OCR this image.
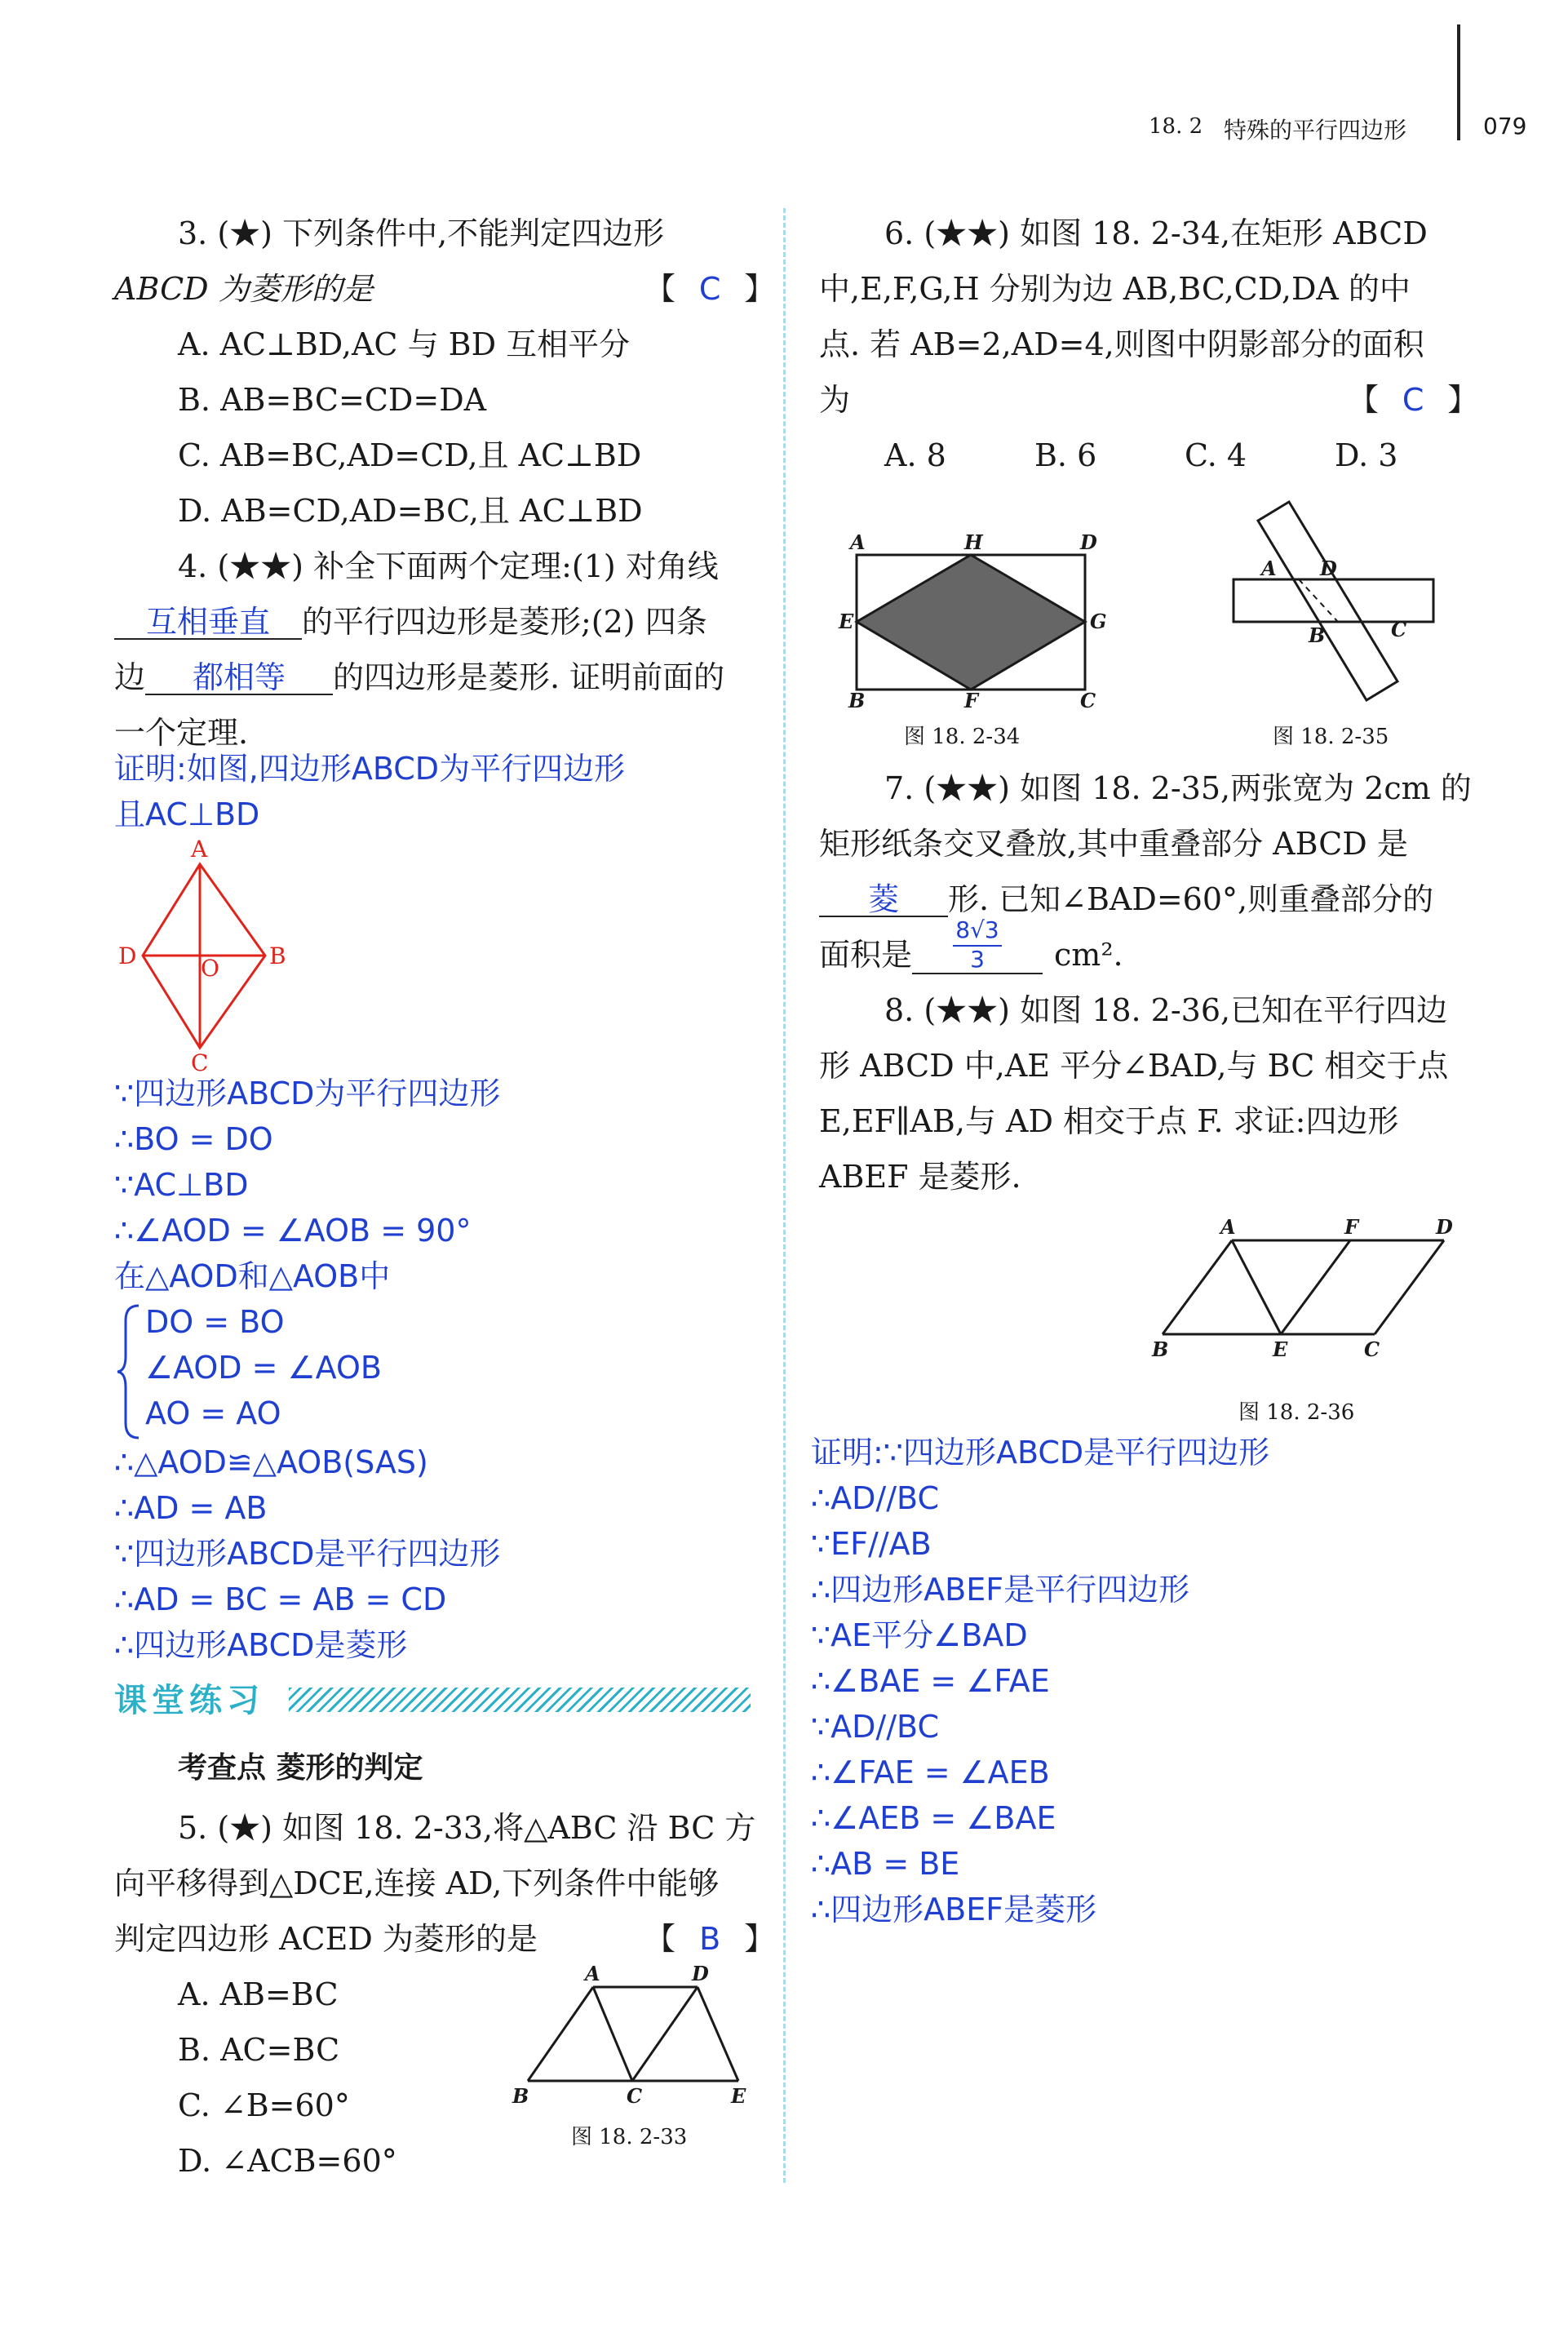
18. 2 特殊的平行四边形	079
3. (★) 下列条件中,不能判定四边形
ABCD 为菱形的是	【 C 】
A. AC⊥BD,AC 与 BD 互相平分
B. AB=BC=CD=DA
C. AB=BC,AD=CD,且 AC⊥BD
D. AB=CD,AD=BC,且 AC⊥BD
4. (★★) 补全下面两个定理:(1) 对角线
互相垂直 的平行四边形是菱形;(2) 四条
边 都相等 的四边形是菱形. 证明前面的
一个定理.
证明:如图,四边形ABCD为平行四边形
且AC⊥BD
A
B
C
D	O
∵四边形ABCD为平行四边形
∴BO = DO
∵AC⊥BD
∴∠AOD = ∠AOB = 90°
在△AOD和△AOB中
DO = BO
∠AOD = ∠AOB
AO = AO
∴△AOD≌△AOB(SAS)
∴AD = AB
∵四边形ABCD是平行四边形
∴AD = BC = AB = CD
∴四边形ABCD是菱形
课堂练习
考查点 菱形的判定
5. (★) 如图 18. 2-33,将△ABC 沿 BC 方
向平移得到△DCE,连接 AD,下列条件中能够
判定四边形 ACED 为菱形的是	【 B 】
A. AB=BC
B. AC=BC
C. ∠B=60°
D. ∠ACB=60°
A	D
B	C	E
图 18. 2-33
6. (★★) 如图 18. 2-34,在矩形 ABCD
中,E,F,G,H 分别为边 AB,BC,CD,DA 的中
点. 若 AB=2,AD=4,则图中阴影部分的面积
为	【 C 】
A. 8	B. 6	C. 4	D. 3
A	H	D
E	G
B	F	C
图 18. 2-34
A D
B	C
图 18. 2-35
7. (★★) 如图 18. 2-35,两张宽为 2cm 的
矩形纸条交叉叠放,其中重叠部分 ABCD 是
菱 形. 已知∠BAD=60°,则重叠部分的
面积是
8√3
3	cm².
8. (★★) 如图 18. 2-36,已知在平行四边
形 ABCD 中,AE 平分∠BAD,与 BC 相交于点
E,EF∥AB,与 AD 相交于点 F. 求证:四边形
ABEF 是菱形.
A	F	D
B	E	C
图 18. 2-36
证明:∵四边形ABCD是平行四边形
∴AD//BC
∵EF//AB
∴四边形ABEF是平行四边形
∵AE平分∠BAD
∴∠BAE = ∠FAE
∵AD//BC
∴∠FAE = ∠AEB
∴∠AEB = ∠BAE
∴AB = BE
∴四边形ABEF是菱形
